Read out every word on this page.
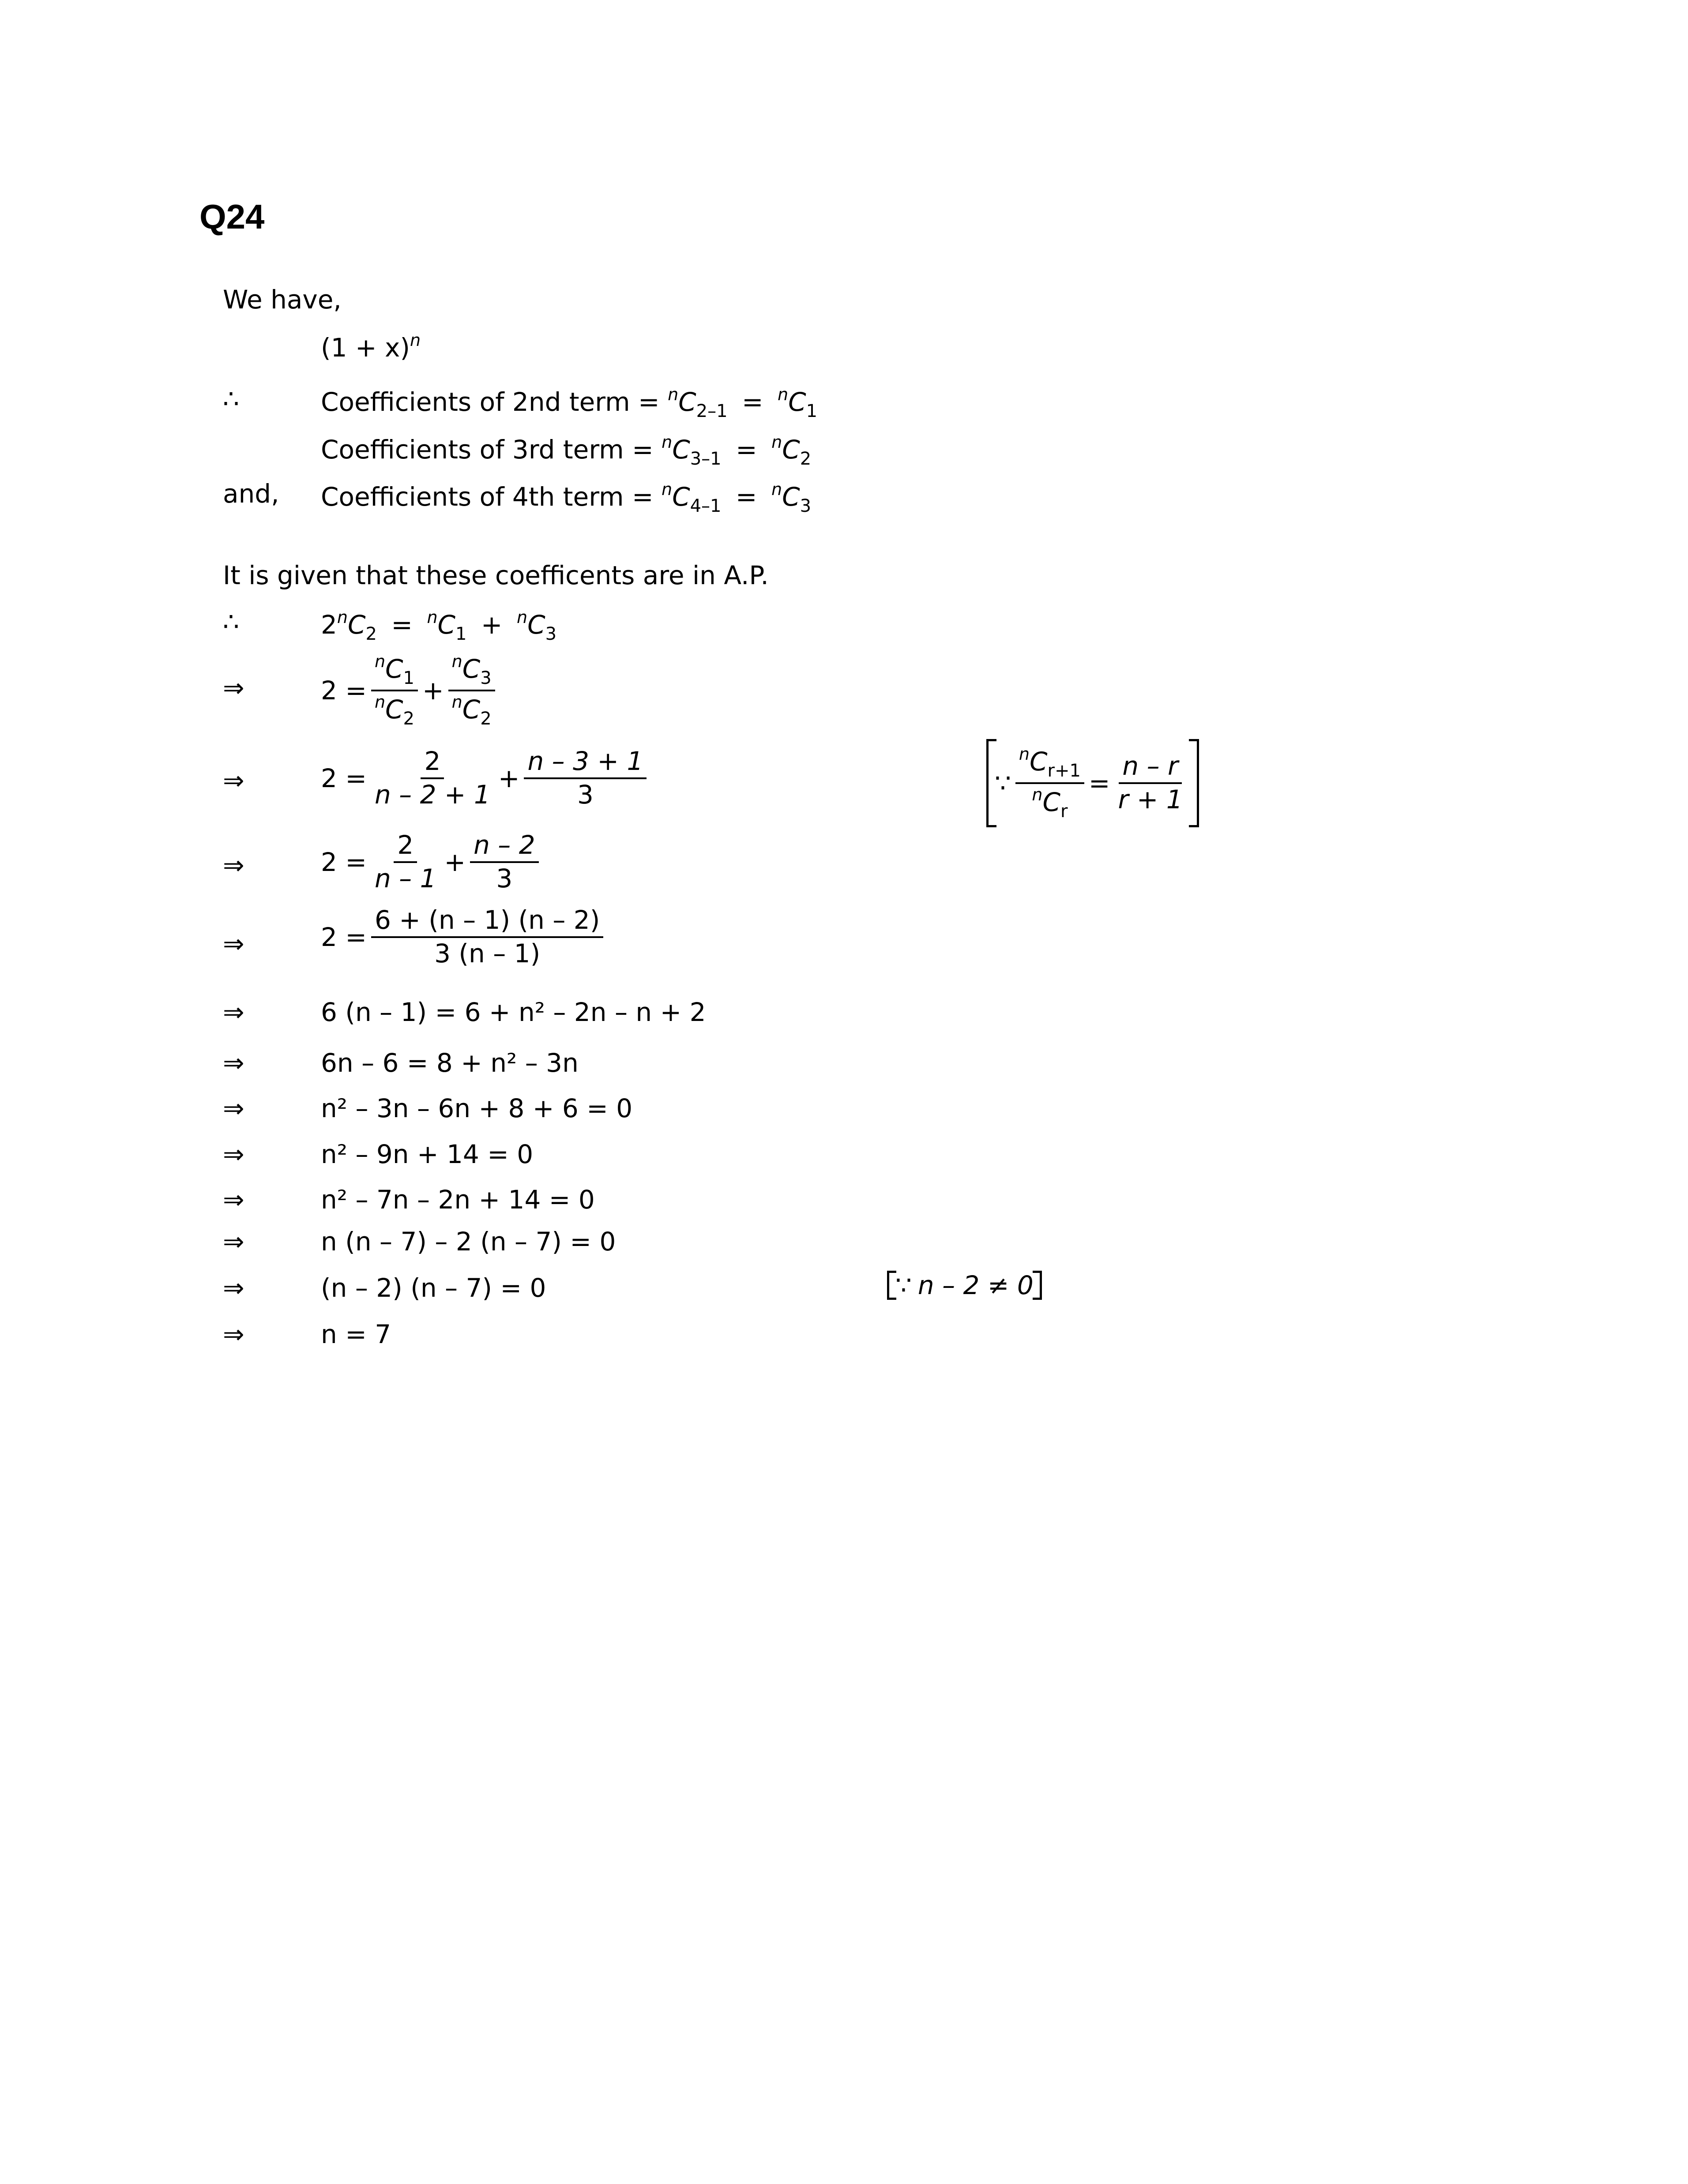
Q24
We have,
$(1 + x)^n$
∴	Coefficients of 2nd term = $^nC_{2-1} = ^nC_1$
Coefficients of 3rd term = $^nC_{3-1} = ^nC_2$
and, Coefficients of 4th term = $^nC_{4-1} = ^nC_3$
It is given that these coefficents are in A.P.
∴	$2^nC_2 = ^nC_1 + ^nC_3$
⇒	$2 = \frac{^nC_1}{^nC_2} + \frac{^nC_3}{^nC_2}$
⇒	$2 = \frac{2}{n - 2 + 1} + \frac{n - 3 + 1}{3}$	∵ $\frac{^nC_{r+1}}{^nC_r} = \frac{n - r}{r + 1}$
⇒	$2 = \frac{2}{n - 1} + \frac{n - 2}{3}$
⇒	$2 = \frac{6 + (n - 1) (n - 2)}{3 (n - 1)}$
⇒	6 (n – 1) = 6 + n² – 2n – n + 2
⇒	6n – 6 = 8 + n² – 3n
⇒	n² – 3n – 6n + 8 + 6 = 0
⇒	n² – 9n + 14 = 0
⇒	n² – 7n – 2n + 14 = 0
⇒	n (n – 7) – 2 (n – 7) = 0
⇒	(n – 2) (n – 7) = 0	∵ n – 2 ≠ 0
⇒	n = 7
